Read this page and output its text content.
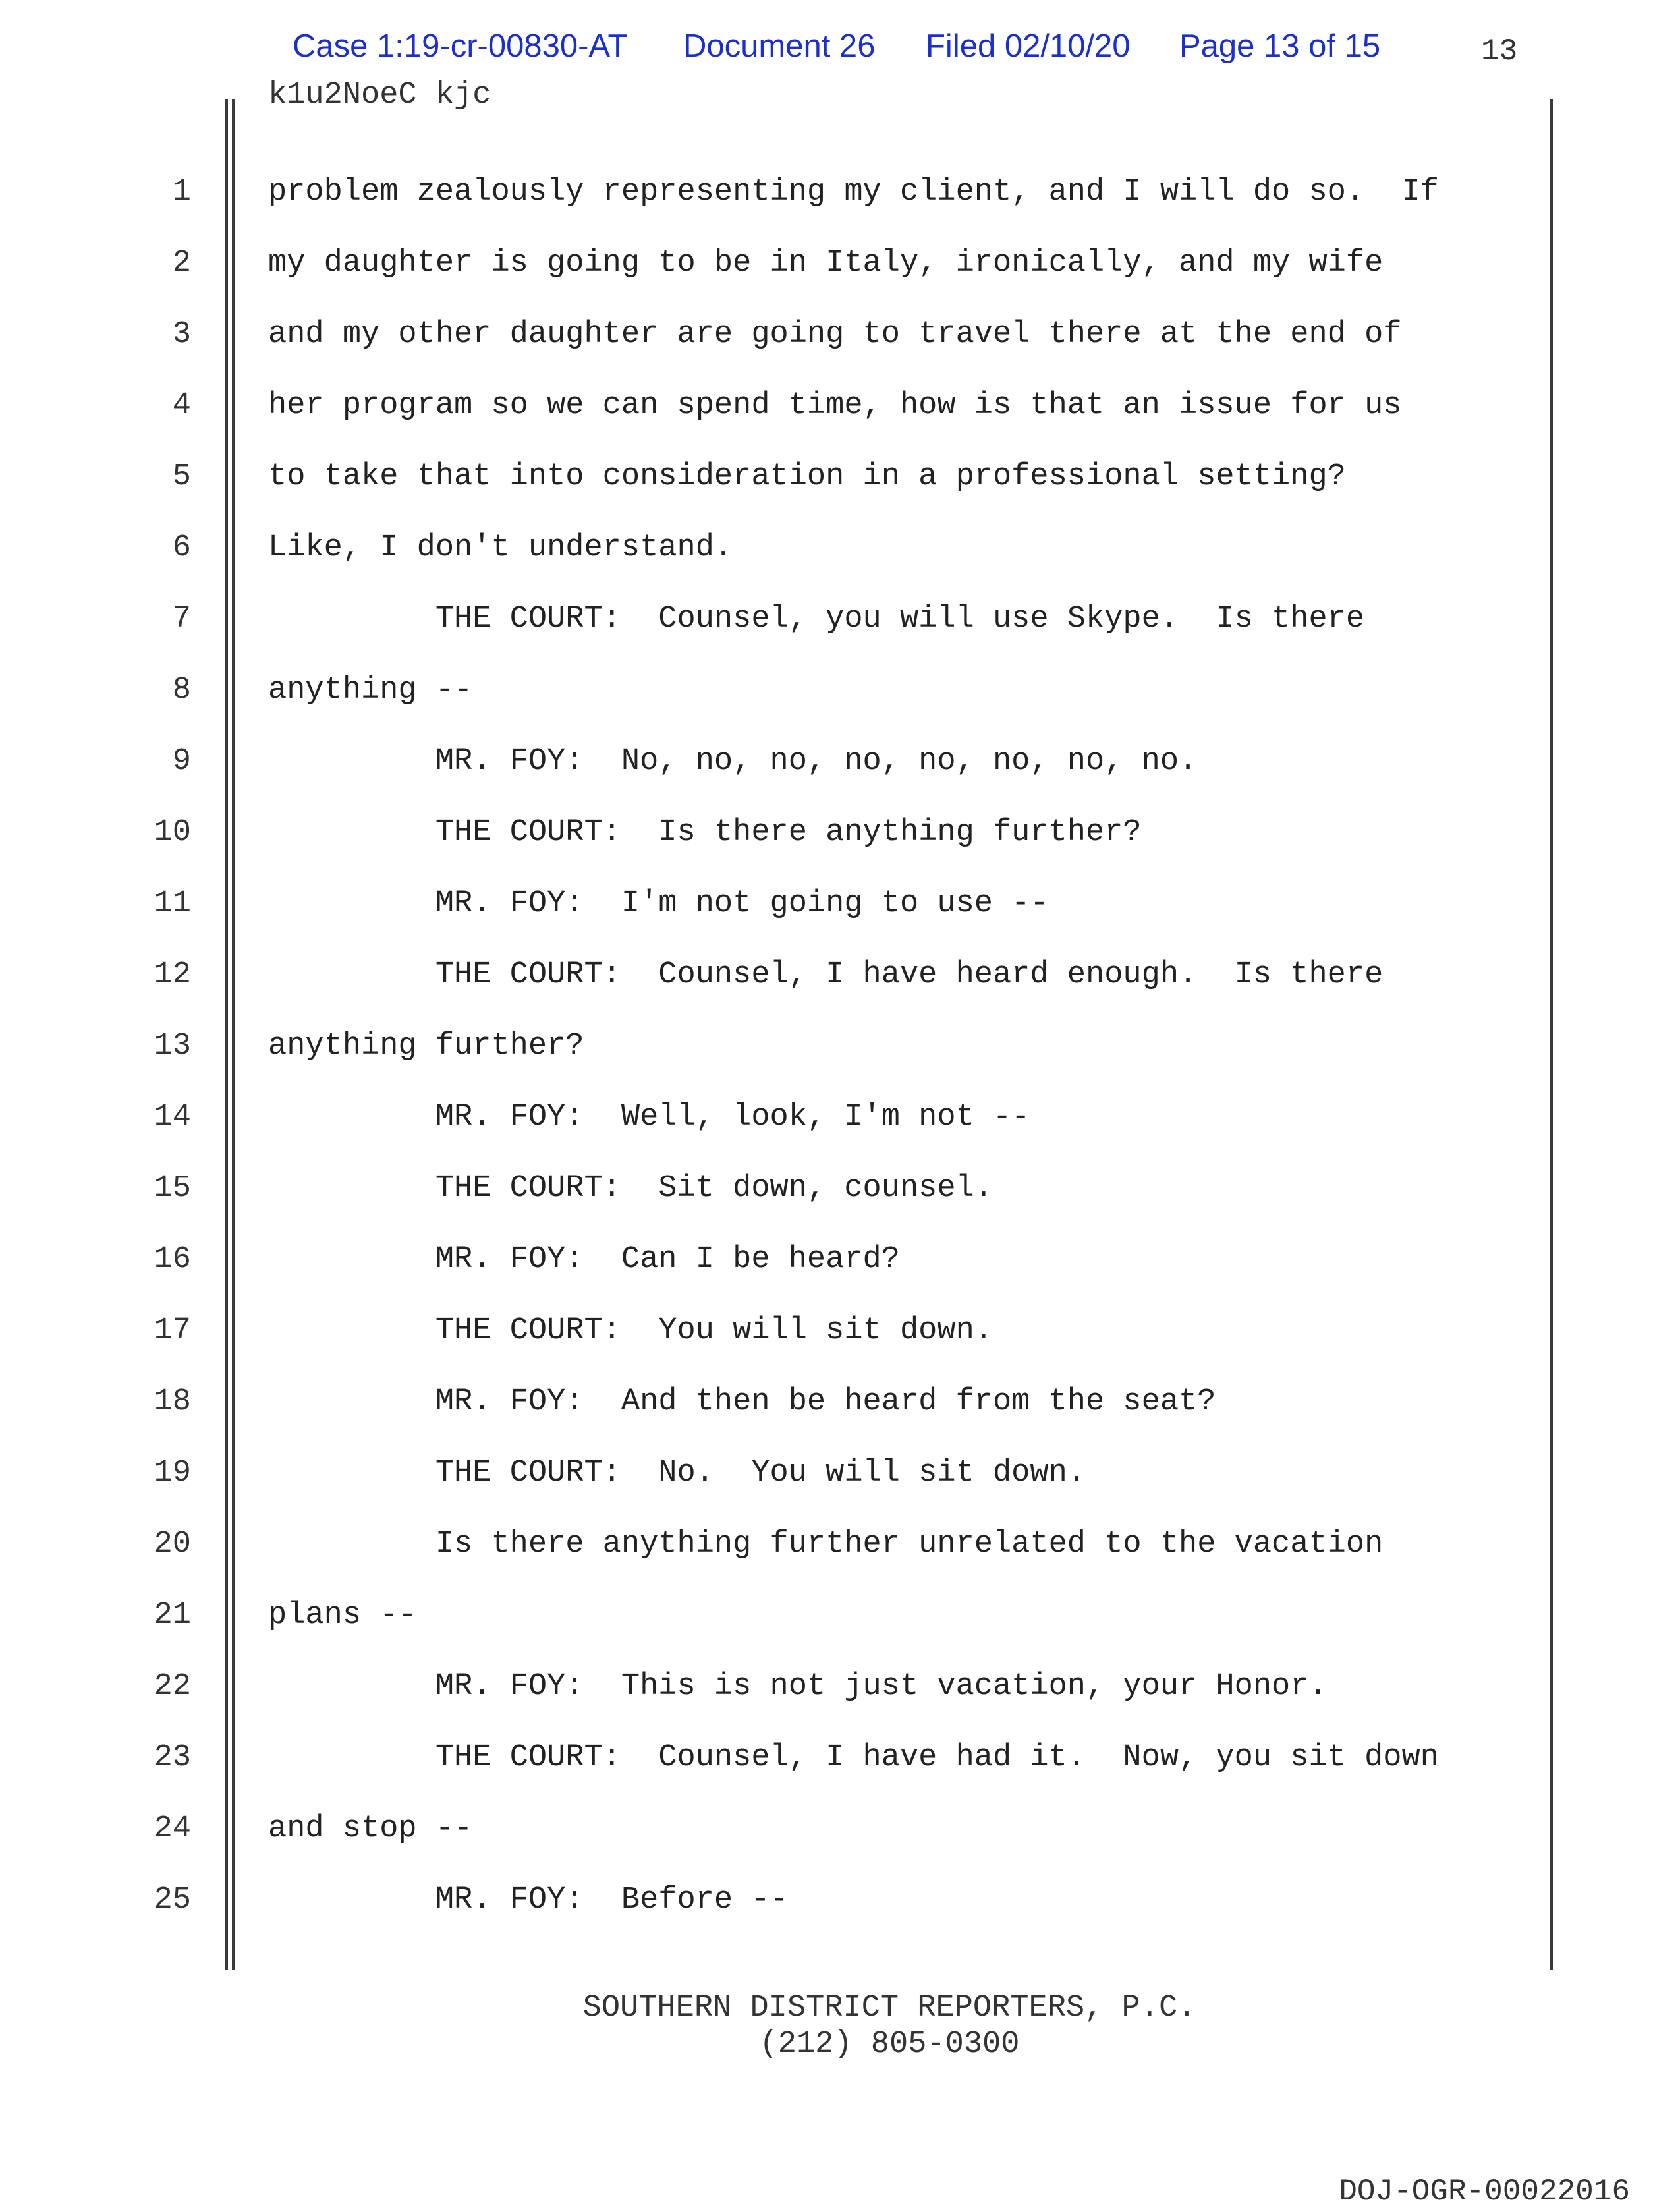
Case 1:19-cr-00830-AT Document 26 Filed 02/10/20 Page 13 of 15	13
k1u2NoeC kjc
1 problem zealously representing my client, and I will do so.  If
2 my daughter is going to be in Italy, ironically, and my wife
3 and my other daughter are going to travel there at the end of
4 her program so we can spend time, how is that an issue for us
5 to take that into consideration in a professional setting?
6 Like, I don't understand.
7 THE COURT:  Counsel, you will use Skype.  Is there
8 anything --
9 MR. FOY:  No, no, no, no, no, no, no, no.
10 THE COURT:  Is there anything further?
11 MR. FOY:  I'm not going to use --
12 THE COURT:  Counsel, I have heard enough.  Is there
13 anything further?
14 MR. FOY:  Well, look, I'm not --
15 THE COURT:  Sit down, counsel.
16 MR. FOY:  Can I be heard?
17 THE COURT:  You will sit down.
18 MR. FOY:  And then be heard from the seat?
19 THE COURT:  No.  You will sit down.
20 Is there anything further unrelated to the vacation
21 plans --
22 MR. FOY:  This is not just vacation, your Honor.
23 THE COURT:  Counsel, I have had it.  Now, you sit down
24 and stop --
25 MR. FOY:  Before --
SOUTHERN DISTRICT REPORTERS, P.C.
(212) 805-0300
DOJ-OGR-00022016
